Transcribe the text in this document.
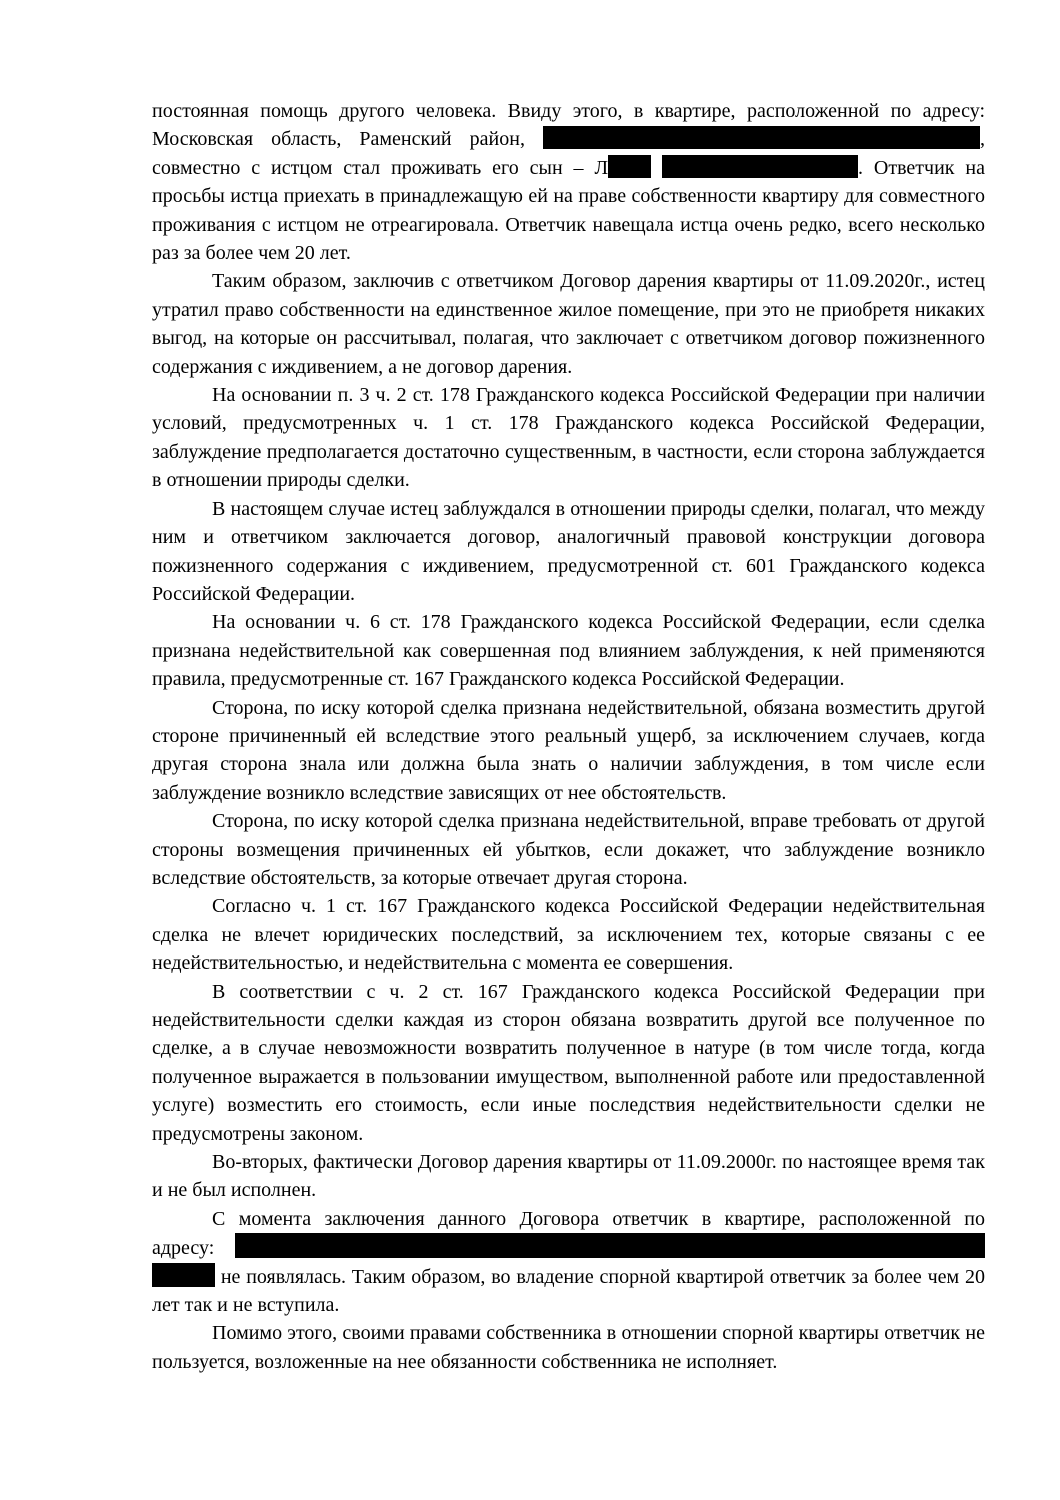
постоянная помощь другого человека. Ввиду этого, в квартире, расположенной по адресу: Московская область, Раменский район,	, совместно с истцом стал проживать его сын – Л	. Ответчик на просьбы истца приехать в принадлежащую ей на праве собственности квартиру для совместного проживания с истцом не отреагировала. Ответчик навещала истца очень редко, всего несколько раз за более чем 20 лет.

Таким образом, заключив с ответчиком Договор дарения квартиры от 11.09.2020г., истец утратил право собственности на единственное жилое помещение, при это не приобретя никаких выгод, на которые он рассчитывал, полагая, что заключает с ответчиком договор пожизненного содержания с иждивением, а не договор дарения.

На основании п. 3 ч. 2 ст. 178 Гражданского кодекса Российской Федерации при наличии условий, предусмотренных ч. 1 ст. 178 Гражданского кодекса Российской Федерации, заблуждение предполагается достаточно существенным, в частности, если сторона заблуждается в отношении природы сделки.

В настоящем случае истец заблуждался в отношении природы сделки, полагал, что между ним и ответчиком заключается договор, аналогичный правовой конструкции договора пожизненного содержания с иждивением, предусмотренной ст. 601 Гражданского кодекса Российской Федерации.

На основании ч. 6 ст. 178 Гражданского кодекса Российской Федерации, если сделка признана недействительной как совершенная под влиянием заблуждения, к ней применяются правила, предусмотренные ст. 167 Гражданского кодекса Российской Федерации.

Сторона, по иску которой сделка признана недействительной, обязана возместить другой стороне причиненный ей вследствие этого реальный ущерб, за исключением случаев, когда другая сторона знала или должна была знать о наличии заблуждения, в том числе если заблуждение возникло вследствие зависящих от нее обстоятельств.

Сторона, по иску которой сделка признана недействительной, вправе требовать от другой стороны возмещения причиненных ей убытков, если докажет, что заблуждение возникло вследствие обстоятельств, за которые отвечает другая сторона.

Согласно ч. 1 ст. 167 Гражданского кодекса Российской Федерации недействительная сделка не влечет юридических последствий, за исключением тех, которые связаны с ее недействительностью, и недействительна с момента ее совершения.

В соответствии с ч. 2 ст. 167 Гражданского кодекса Российской Федерации при недействительности сделки каждая из сторон обязана возвратить другой все полученное по сделке, а в случае невозможности возвратить полученное в натуре (в том числе тогда, когда полученное выражается в пользовании имуществом, выполненной работе или предоставленной услуге) возместить его стоимость, если иные последствия недействительности сделки не предусмотрены законом.

Во-вторых, фактически Договор дарения квартиры от 11.09.2000г. по настоящее время так и не был исполнен.

С момента заключения данного Договора ответчик в квартире, расположенной по адресу:   не появлялась. Таким образом, во владение спорной квартирой ответчик за более чем 20 лет так и не вступила.

Помимо этого, своими правами собственника в отношении спорной квартиры ответчик не пользуется, возложенные на нее обязанности собственника не исполняет.
